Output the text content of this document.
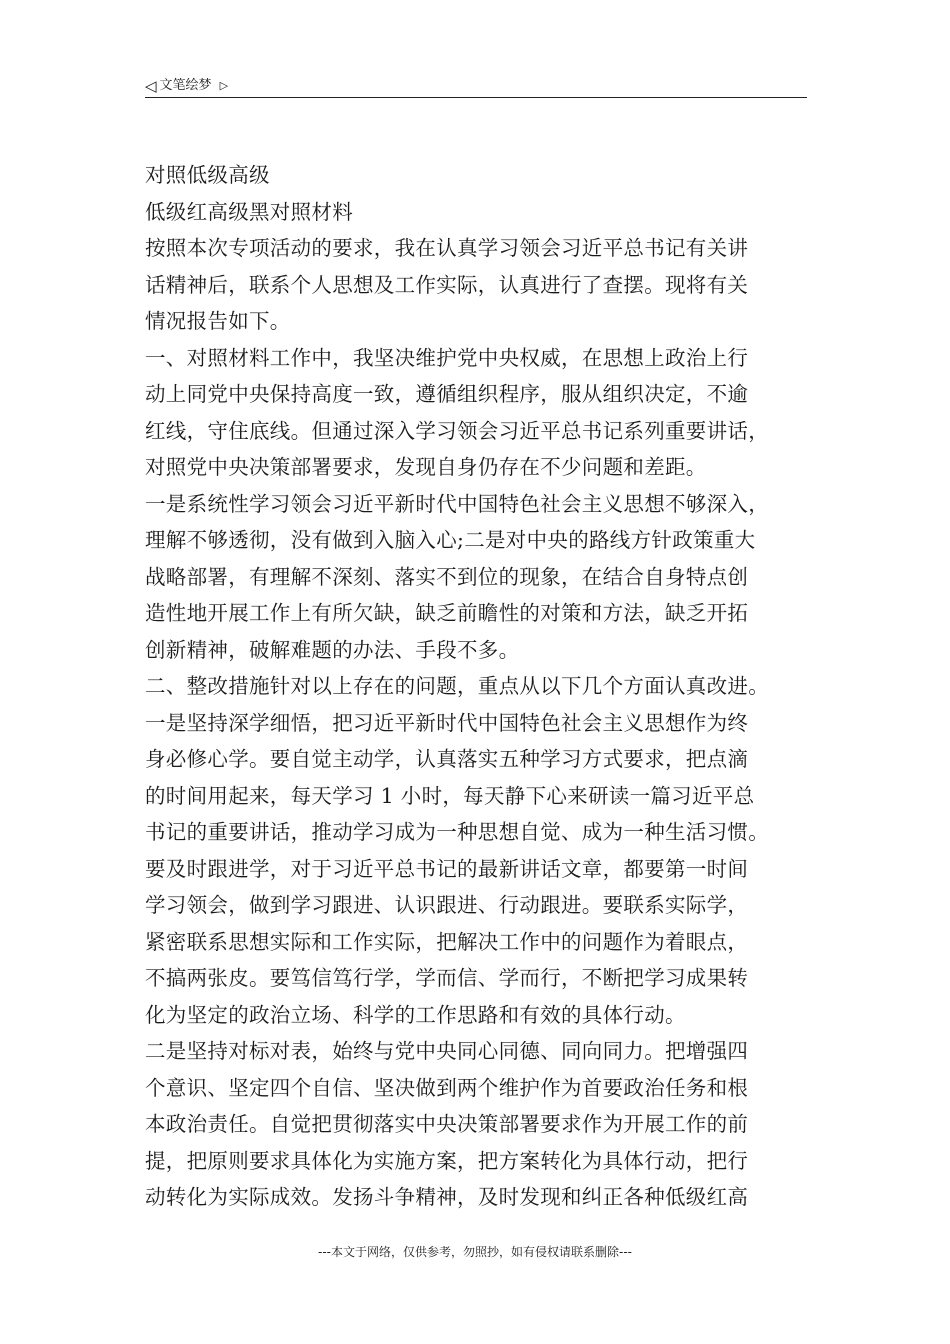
◁ 文笔绘梦 ▷
对照低级高级
低级红高级黑对照材料
按照本次专项活动的要求，我在认真学习领会习近平总书记有关讲
话精神后，联系个人思想及工作实际，认真进行了查摆。现将有关
情况报告如下。
一、对照材料工作中，我坚决维护党中央权威，在思想上政治上行
动上同党中央保持高度一致，遵循组织程序，服从组织决定，不逾
红线，守住底线。但通过深入学习领会习近平总书记系列重要讲话，
对照党中央决策部署要求，发现自身仍存在不少问题和差距。
一是系统性学习领会习近平新时代中国特色社会主义思想不够深入，
理解不够透彻，没有做到入脑入心;二是对中央的路线方针政策重大
战略部署，有理解不深刻、落实不到位的现象，在结合自身特点创
造性地开展工作上有所欠缺，缺乏前瞻性的对策和方法，缺乏开拓
创新精神，破解难题的办法、手段不多。
二、整改措施针对以上存在的问题，重点从以下几个方面认真改进。
一是坚持深学细悟，把习近平新时代中国特色社会主义思想作为终
身必修心学。要自觉主动学，认真落实五种学习方式要求，把点滴
的时间用起来，每天学习 1 小时，每天静下心来研读一篇习近平总
书记的重要讲话，推动学习成为一种思想自觉、成为一种生活习惯。
要及时跟进学，对于习近平总书记的最新讲话文章，都要第一时间
学习领会，做到学习跟进、认识跟进、行动跟进。要联系实际学，
紧密联系思想实际和工作实际，把解决工作中的问题作为着眼点，
不搞两张皮。要笃信笃行学，学而信、学而行，不断把学习成果转
化为坚定的政治立场、科学的工作思路和有效的具体行动。
二是坚持对标对表，始终与党中央同心同德、同向同力。把增强四
个意识、坚定四个自信、坚决做到两个维护作为首要政治任务和根
本政治责任。自觉把贯彻落实中央决策部署要求作为开展工作的前
提，把原则要求具体化为实施方案，把方案转化为具体行动，把行
动转化为实际成效。发扬斗争精神，及时发现和纠正各种低级红高
---本文于网络，仅供参考，勿照抄，如有侵权请联系删除---
